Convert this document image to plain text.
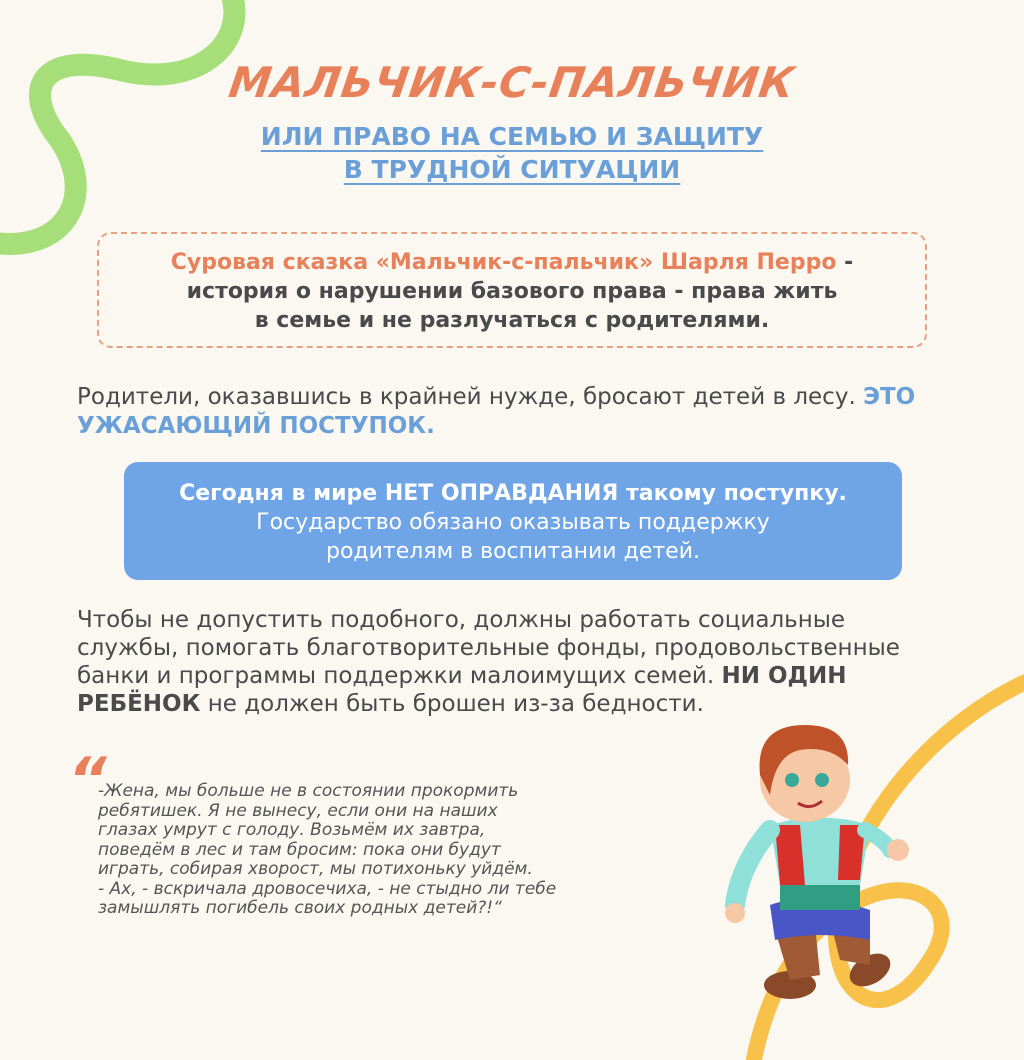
МАЛЬЧИК-С-ПАЛЬЧИК
ИЛИ ПРАВО НА СЕМЬЮ И ЗАЩИТУ
В ТРУДНОЙ СИТУАЦИИ
Суровая сказка «Мальчик-с-пальчик» Шарля Перро -
история о нарушении базового права - права жить
в семье и не разлучаться с родителями.
Родители, оказавшись в крайней нужде, бросают детей в лесу. ЭТО УЖАСАЮЩИЙ ПОСТУПОК.
Сегодня в мире НЕТ ОПРАВДАНИЯ такому поступку.
Государство обязано оказывать поддержку
родителям в воспитании детей.
Чтобы не допустить подобного, должны работать социальные службы, помогать благотворительные фонды, продовольственные банки и программы поддержки малоимущих семей. НИ ОДИН РЕБЁНОК не должен быть брошен из-за бедности.
“
-Жена, мы больше не в состоянии прокормить
ребятишек. Я не вынесу, если они на наших
глазах умрут с голоду. Возьмём их завтра,
поведём в лес и там бросим: пока они будут
играть, собирая хворост, мы потихоньку уйдём.
- Ах, - вскричала дровосечиха, - не стыдно ли тебе
замышлять погибель своих родных детей?!“
